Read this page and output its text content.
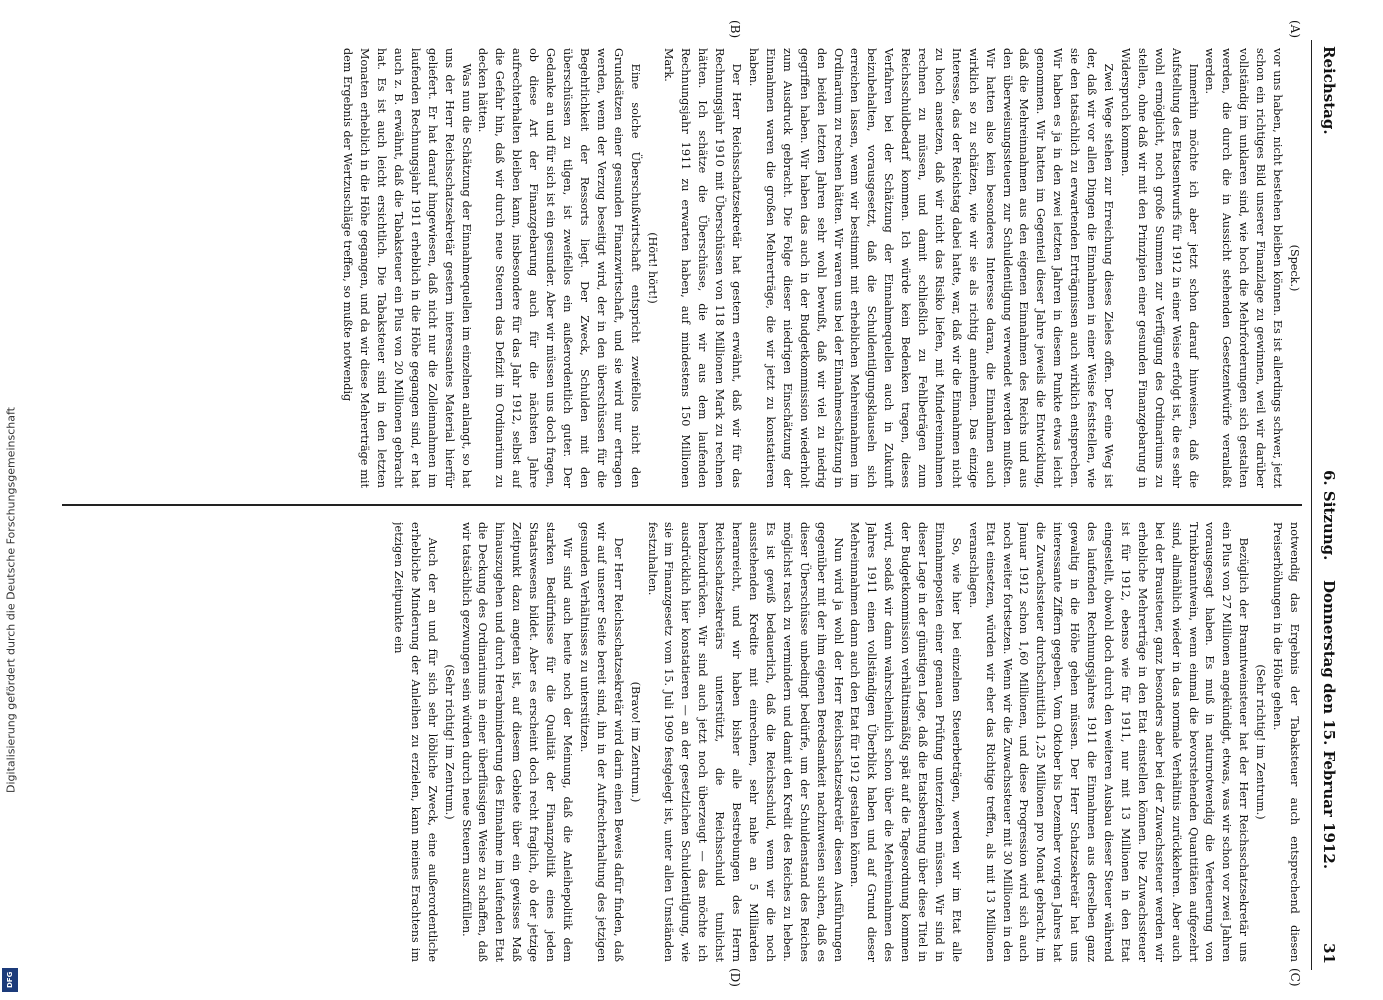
Digitalisierung gefördert durch die Deutsche Forschungsgemeinschaft
DFG
Reichstag.
6. Sitzung.
Donnerstag den 15. Februar 1912.
31
(A)
(B)
(C)
(D)

(Speck.)

vor uns haben, nicht bestehen bleiben können. Es ist allerdings schwer, jetzt schon ein richtiges Bild unserer Finanzlage zu gewinnen, weil wir darüber vollständig im unklaren sind, wie hoch die Mehrforderungen sich gestalten werden, die durch die in Aussicht stehenden Gesetzentwürfe veranlaßt werden.

Immerhin möchte ich aber jetzt schon darauf hinweisen, daß die Aufstellung des Etatsentwurfs für 1912 in einer Weise erfolgt ist, die es sehr wohl ermöglicht, noch große Summen zur Verfügung des Ordinariums zu stellen, ohne daß wir mit den Prinzipien einer gesunden Finanzgebarung in Widerspruch kommen.

Zwei Wege stehen zur Erreichung dieses Zieles offen. Der eine Weg ist der, daß wir vor allen Dingen die Einnahmen in einer Weise feststellen, wie sie den tatsächlich zu erwartenden Erträgnissen auch wirklich entsprechen. Wir haben es ja in den zwei letzten Jahren in diesem Punkte etwas leicht genommen. Wir hatten im Gegenteil dieser Jahre jeweils die Entwicklung, daß die Mehreinnahmen aus den eigenen Einnahmen des Reichs und aus den überweisungssteuern zur Schuldentilgung verwendet werden mußten. Wir hatten also kein besonderes Interesse daran, die Einnahmen auch wirklich so zu schätzen, wie wir sie als richtig annehmen. Das einzige Interesse, das der Reichstag dabei hatte, war, daß wir die Einnahmen nicht zu hoch ansetzen, daß wir nicht das Risiko liefen, mit Mindereinnahmen rechnen zu müssen, und damit schließlich zu Fehlbeträgen zum Reichsschuldbedarf kommen. Ich würde kein Bedenken tragen, dieses Verfahren bei der Schätzung der Einnahmequellen auch in Zukunft beizubehalten, vorausgesetzt, daß die Schuldentilgungsklauseln sich erreichen lassen, wenn wir bestimmt mit erheblichen Mehreinnahmen im Ordinarium zu rechnen hätten. Wir waren uns bei der Einnahmeschätzung in den beiden letzten Jahren sehr wohl bewußt, daß wir viel zu niedrig gegriffen haben. Wir haben das auch in der Budgetkommission wiederholt zum Ausdruck gebracht. Die Folge dieser niedrigen Einschätzung der Einnahmen waren die großen Mehrerträge, die wir jetzt zu konstatieren haben.

Der Herr Reichsschatzsekretär hat gestern erwähnt, daß wir für das Rechnungsjahr 1910 mit Überschüssen von 118 Millionen Mark zu rechnen hätten. Ich schätze die Überschüsse, die wir aus dem laufenden Rechnungsjahr 1911 zu erwarten haben, auf mindestens 150 Millionen Mark.

(Hört! hört!)

Eine solche Überschußwirtschaft entspricht zweifellos nicht den Grundsätzen einer gesunden Finanzwirtschaft, und sie wird nur ertragen werden, wenn der Verzug beseitigt wird, der in den überschüssen für die Begehrlichkeit der Ressorts liegt. Der Zweck, Schulden mit den überschüssen zu tilgen, ist zweifellos ein außerordentlich guter. Der Gedanke an und für sich ist ein gesunder. Aber wir müssen uns doch fragen, ob diese Art der Finanzgebarung auch für die nächsten Jahre aufrechterhalten bleiben kann, insbesondere für das Jahr 1912, selbst auf die Gefahr hin, daß wir durch neue Steuern das Defizit im Ordinarium zu decken hätten.

Was nun die Schätzung der Einnahmequellen im einzelnen anlangt, so hat uns der Herr Reichsschatzsekretär gestern interessantes Material hierfür geliefert. Er hat darauf hingewiesen, daß nicht nur die Zolleinnahmen im laufenden Rechnungsjahr 1911 erheblich in die Höhe gegangen sind, er hat auch z. B. erwähnt, daß die Tabaksteuer ein Plus von 20 Millionen gebracht hat. Es ist auch leicht ersichtlich. Die Tabaksteuer sind in den letzten Monaten erheblich in die Höhe gegangen, und da wir diese Mehrerträge mit dem Ergebnis der Wertzuschläge treffen, so mußte notwendig

notwendig das Ergebnis der Tabaksteuer auch entsprechend diesen Preiserhöhungen in die Höhe gehen.

(Sehr richtig! im Zentrum.)

Bezüglich der Branntweinsteuer hat der Herr Reichsschatzsekretär uns ein Plus von 27 Millionen angekündigt, etwas, was wir schon vor zwei Jahren vorausgesagt haben. Es muß in naturnotwendig die Verteuerung von Trinkbranntwein, wenn einmal die bevorstehenden Quantitäten aufgezehrt sind, allmählich wieder in das normale Verhältnis zurückkehren. Aber auch bei der Brausteuer, ganz besonders aber bei der Zuwachssteuer werden wir erhebliche Mehrerträge in den Etat einstellen können. Die Zuwachssteuer ist für 1912, ebenso wie für 1911, nur mit 13 Millionen in den Etat eingestellt, obwohl doch durch den weiteren Ausbau dieser Steuer während des laufenden Rechnungsjahres 1911 die Einnahmen aus derselben ganz gewaltig in die Höhe gehen müssen. Der Herr Schatzsekretär hat uns interessante Ziffern gegeben. Vom Oktober bis Dezember vorigen Jahres hat die Zuwachssteuer durchschnittlich 1,25 Millionen pro Monat gebracht, im Januar 1912 schon 1,60 Millionen, und diese Progression wird sich auch noch weiter fortsetzen. Wenn wir die Zuwachssteuer mit 30 Millionen in den Etat einsetzen, würden wir eher das Richtige treffen, als mit 13 Millionen veranschlagen.

So, wie hier bei einzelnen Steuerbeträgen, werden wir im Etat alle Einnahmeposten einer genauen Prüfung unterziehen müssen. Wir sind in dieser Lage in der günstigen Lage, daß die Etatsberatung über diese Titel in der Budgetkommission verhältnismäßig spät auf die Tagesordnung kommen wird, sodaß wir dann wahrscheinlich schon über die Mehreinnahmen des Jahres 1911 einen vollständigen Überblick haben und auf Grund dieser Mehreinnahmen dann auch den Etat für 1912 gestalten können.

Nun wird ja wohl der Herr Reichsschatzsekretär diesen Ausführungen gegenüber mit der ihm eigenen Beredsamkeit nachzuweisen suchen, daß es dieser Überschüsse unbedingt bedürfe, um der Schuldenstand des Reiches möglichst rasch zu vermindern und damit den Kredit des Reiches zu heben. Es ist gewiß bedauerlich, daß die Reichsschuld, wenn wir die noch ausstehenden Kredite mit einrechnen, sehr nahe an 5 Milliarden heranreicht, und wir haben bisher alle Bestrebungen des Herrn Reichsschatzsekretärs unterstützt, die Reichsschuld tunlichst herabzudrücken. Wir sind auch jetzt noch überzeugt — das möchte ich ausdrücklich hier konstatieren — an der gesetzlichen Schuldentilgung, wie sie im Finanzgesetz vom 15. Juli 1909 festgelegt ist, unter allen Umständen festzuhalten.

(Bravo! im Zentrum.)

Der Herr Reichsschatzsekretär wird darin einen Beweis dafür finden, daß wir auf unserer Seite bereit sind, ihn in der Aufrechterhaltung des jetzigen gesunden Verhältnisses zu unterstützen.

Wir sind auch heute noch der Meinung, daß die Anleihepolitik dem starken Bedürfnisse für die Qualität der Finanzpolitik eines jeden Staatswesens bildet. Aber es erscheint doch recht fraglich, ob der jetzige Zeitpunkt dazu angetan ist, auf diesem Gebiete über ein gewisses Maß hinauszugehen und durch Herabminderung des Einnahme im laufenden Etat die Deckung des Ordinariums in einer überflüssigen Weise zu schaffen, daß wir tatsächlich gezwungen sein würden durch neue Steuern auszufüllen.

(Sehr richtig! im Zentrum.)

Auch der an und für sich sehr löbliche Zweck, eine außerordentliche erhebliche Minderung der Anleihen zu erzielen, kann meines Erachtens im jetzigen Zeitpunkte ein
